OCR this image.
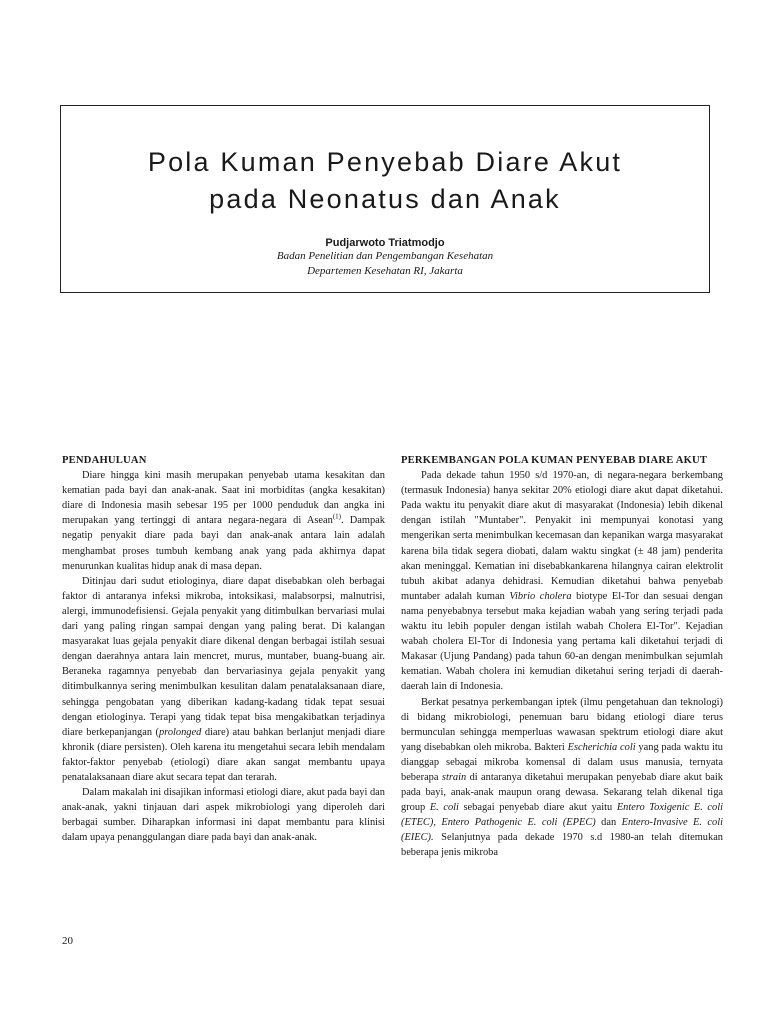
Pola Kuman Penyebab Diare Akut
pada Neonatus dan Anak
Pudjarwoto Triatmodjo
Badan Penelitian dan Pengembangan Kesehatan
Departemen Kesehatan RI, Jakarta
PENDAHULUAN

Diare hingga kini masih merupakan penyebab utama kesakitan dan kematian pada bayi dan anak-anak. Saat ini morbiditas (angka kesakitan) diare di Indonesia masih sebesar 195 per 1000 penduduk dan angka ini merupakan yang tertinggi di antara negara-negara di Asean$^{(1)}$. Dampak negatip penyakit diare pada bayi dan anak-anak antara lain adalah menghambat proses tumbuh kembang anak yang pada akhirnya dapat menurunkan kualitas hidup anak di masa depan.

Ditinjau dari sudut etiologinya, diare dapat disebabkan oleh berbagai faktor di antaranya infeksi mikroba, intoksikasi, malabsorpsi, malnutrisi, alergi, immunodefisiensi. Gejala penyakit yang ditimbulkan bervariasi mulai dari yang paling ringan sampai dengan yang paling berat. Di kalangan masyarakat luas gejala penyakit diare dikenal dengan berbagai istilah sesuai dengan daerahnya antara lain mencret, murus, muntaber, buang-buang air. Beraneka ragamnya penyebab dan bervariasinya gejala penyakit yang ditimbulkannya sering menimbulkan kesulitan dalam penatalaksanaan diare, sehingga pengobatan yang diberikan kadang-kadang tidak tepat sesuai dengan etiologinya. Terapi yang tidak tepat bisa mengakibatkan terjadinya diare berkepanjangan (prolonged diare) atau bahkan berlanjut menjadi diare khronik (diare persisten). Oleh karena itu mengetahui secara lebih mendalam faktor-faktor penyebab (etiologi) diare akan sangat membantu upaya penatalaksanaan diare akut secara tepat dan terarah.

Dalam makalah ini disajikan informasi etiologi diare, akut pada bayi dan anak-anak, yakni tinjauan dari aspek mikrobiologi yang diperoleh dari berbagai sumber. Diharapkan informasi ini dapat membantu para klinisi dalam upaya penanggulangan diare pada bayi dan anak-anak.

PERKEMBANGAN POLA KUMAN PENYEBAB DIARE AKUT

Pada dekade tahun 1950 s/d 1970-an, di negara-negara berkembang (termasuk Indonesia) hanya sekitar 20% etiologi diare akut dapat diketahui. Pada waktu itu penyakit diare akut di masyarakat (Indonesia) lebih dikenal dengan istilah "Muntaber". Penyakit ini mempunyai konotasi yang mengerikan serta menimbulkan kecemasan dan kepanikan warga masyarakat karena bila tidak segera diobati, dalam waktu singkat (± 48 jam) penderita akan meninggal. Kematian ini disebabkankarena hilangnya cairan elektrolit tubuh akibat adanya dehidrasi. Kemudian diketahui bahwa penyebab muntaber adalah kuman Vibrio cholera biotype El-Tor dan sesuai dengan nama penyebabnya tersebut maka kejadian wabah yang sering terjadi pada waktu itu lebih populer dengan istilah wabah Cholera El-Tor". Kejadian wabah cholera El-Tor di Indonesia yang pertama kali diketahui terjadi di Makasar (Ujung Pandang) pada tahun 60-an dengan menimbulkan sejumlah kematian. Wabah cholera ini kemudian diketahui sering terjadi di daerah-daerah lain di Indonesia.

Berkat pesatnya perkembangan iptek (ilmu pengetahuan dan teknologi) di bidang mikrobiologi, penemuan baru bidang etiologi diare terus bermunculan sehingga memperluas wawasan spektrum etiologi diare akut yang disebabkan oleh mikroba. Bakteri Escherichia coli yang pada waktu itu dianggap sebagai mikroba komensal di dalam usus manusia, ternyata beberapa strain di antaranya diketahui merupakan penyebab diare akut baik pada bayi, anak-anak maupun orang dewasa. Sekarang telah dikenal tiga group E. coli sebagai penyebab diare akut yaitu Entero Toxigenic E. coli (ETEC), Entero Pathogenic E. coli (EPEC) dan Entero-Invasive E. coli (EIEC). Selanjutnya pada dekade 1970 s.d 1980-an telah ditemukan beberapa jenis mikroba

20
